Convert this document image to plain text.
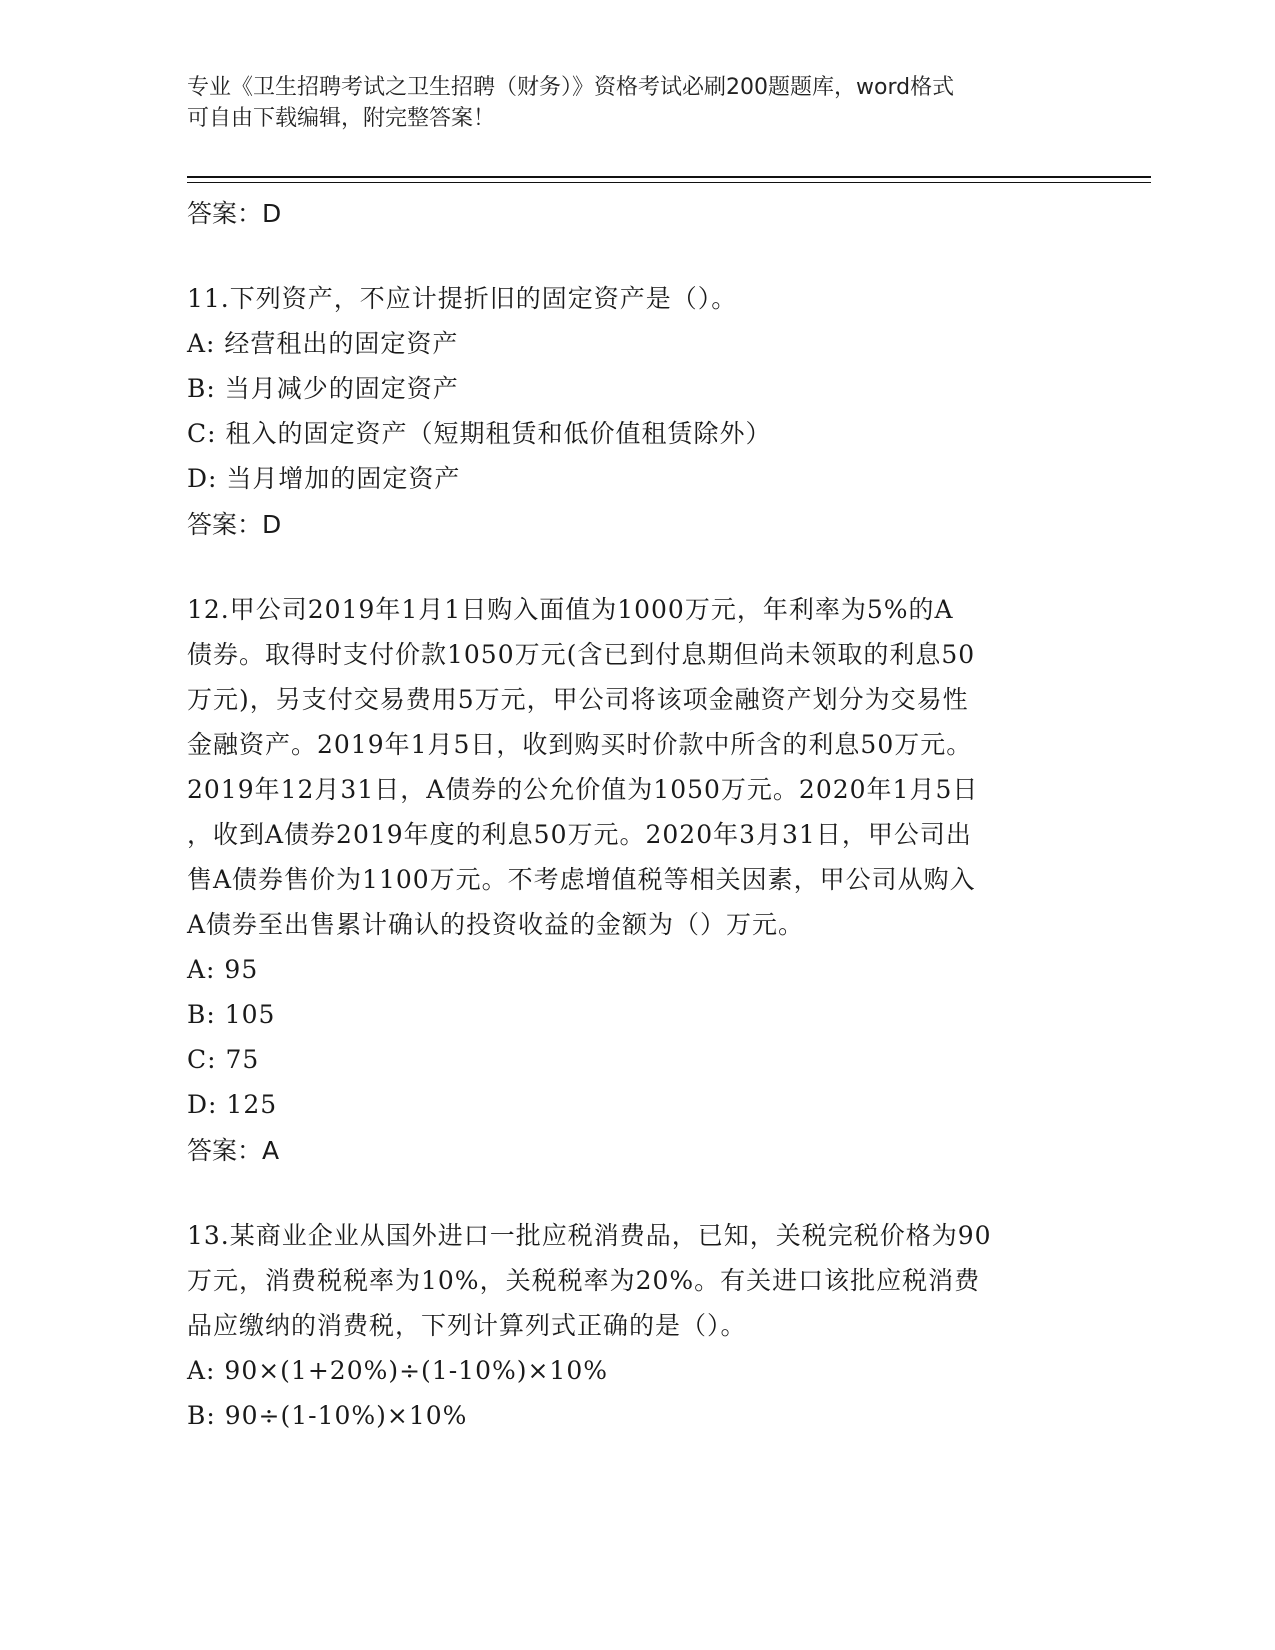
专业《卫生招聘考试之卫生招聘（财务）》资格考试必刷200题题库，word格式
可自由下载编辑，附完整答案！
答案：D
11.下列资产，不应计提折旧的固定资产是（）。
A: 经营租出的固定资产
B: 当月减少的固定资产
C: 租入的固定资产（短期租赁和低价值租赁除外）
D: 当月增加的固定资产
答案：D
12.甲公司2019年1月1日购入面值为1000万元，年利率为5%的A
债券。取得时支付价款1050万元(含已到付息期但尚未领取的利息50
万元)，另支付交易费用5万元，甲公司将该项金融资产划分为交易性
金融资产。2019年1月5日，收到购买时价款中所含的利息50万元。
2019年12月31日，A债券的公允价值为1050万元。2020年1月5日
，收到A债券2019年度的利息50万元。2020年3月31日，甲公司出
售A债券售价为1100万元。不考虑增值税等相关因素，甲公司从购入
A债券至出售累计确认的投资收益的金额为（）万元。
A: 95
B: 105
C: 75
D: 125
答案：A
13.某商业企业从国外进口一批应税消费品，已知，关税完税价格为90
万元，消费税税率为10%，关税税率为20%。有关进口该批应税消费
品应缴纳的消费税，下列计算列式正确的是（）。
A: 90×(1+20%)÷(1-10%)×10%
B: 90÷(1-10%)×10%
